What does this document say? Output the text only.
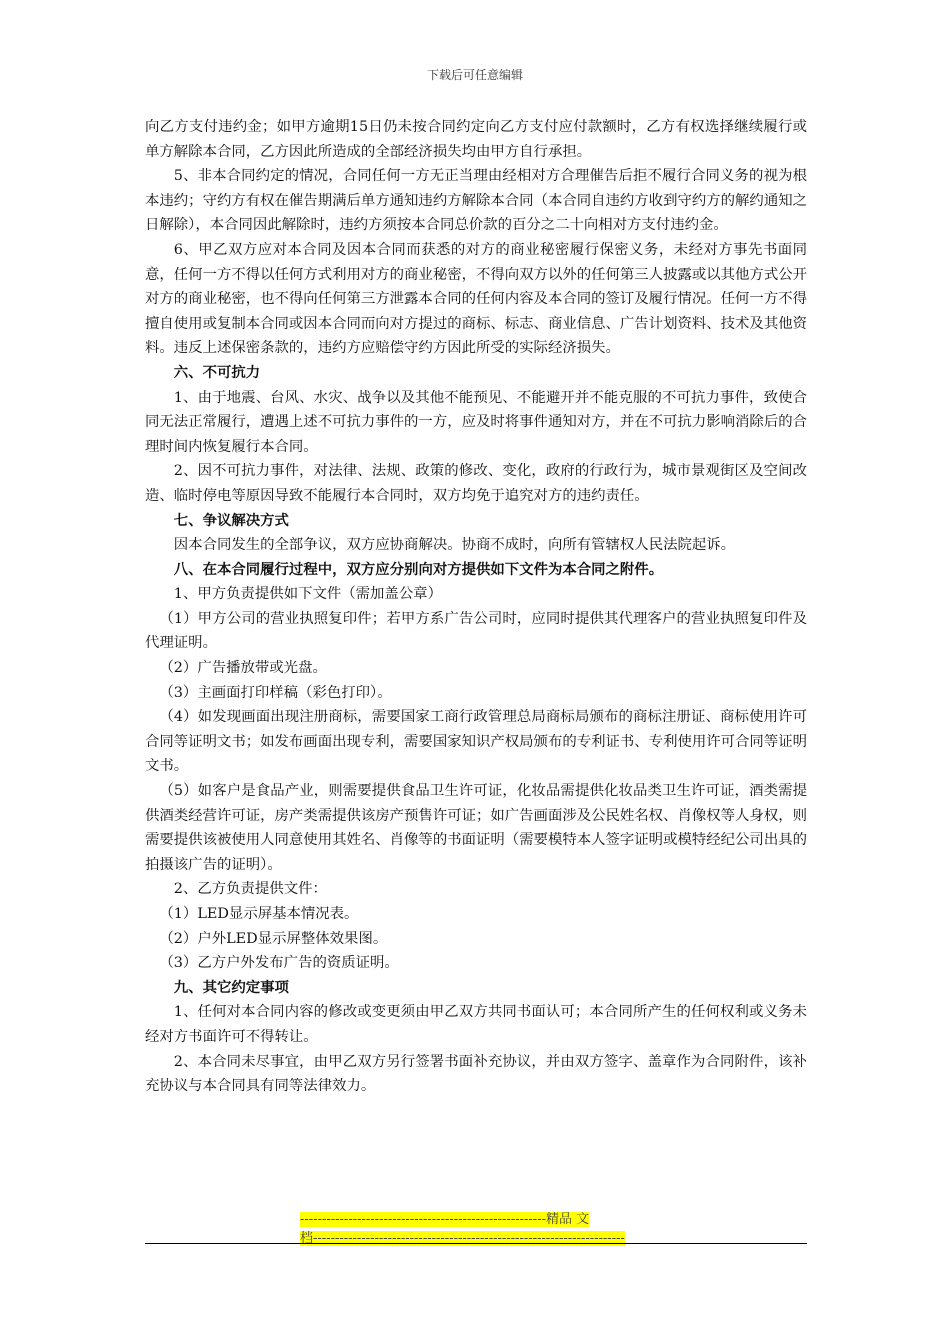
下载后可任意编辑

向乙方支付违约金；如甲方逾期15日仍未按合同约定向乙方支付应付款额时，乙方有权选择继续履行或单方解除本合同，乙方因此所造成的全部经济损失均由甲方自行承担。

5、非本合同约定的情况，合同任何一方无正当理由经相对方合理催告后拒不履行合同义务的视为根本违约；守约方有权在催告期满后单方通知违约方解除本合同（本合同自违约方收到守约方的解约通知之日解除），本合同因此解除时，违约方须按本合同总价款的百分之二十向相对方支付违约金。

6、甲乙双方应对本合同及因本合同而获悉的对方的商业秘密履行保密义务，未经对方事先书面同意，任何一方不得以任何方式利用对方的商业秘密，不得向双方以外的任何第三人披露或以其他方式公开对方的商业秘密，也不得向任何第三方泄露本合同的任何内容及本合同的签订及履行情况。任何一方不得擅自使用或复制本合同或因本合同而向对方提过的商标、标志、商业信息、广告计划资料、技术及其他资料。违反上述保密条款的，违约方应赔偿守约方因此所受的实际经济损失。

六、不可抗力

1、由于地震、台风、水灾、战争以及其他不能预见、不能避开并不能克服的不可抗力事件，致使合同无法正常履行，遭遇上述不可抗力事件的一方，应及时将事件通知对方，并在不可抗力影响消除后的合理时间内恢复履行本合同。

2、因不可抗力事件，对法律、法规、政策的修改、变化，政府的行政行为，城市景观街区及空间改造、临时停电等原因导致不能履行本合同时，双方均免于追究对方的违约责任。

七、争议解决方式

因本合同发生的全部争议，双方应协商解决。协商不成时，向所有管辖权人民法院起诉。

八、在本合同履行过程中，双方应分别向对方提供如下文件为本合同之附件。

1、甲方负责提供如下文件（需加盖公章）

（1）甲方公司的营业执照复印件；若甲方系广告公司时，应同时提供其代理客户的营业执照复印件及代理证明。

（2）广告播放带或光盘。

（3）主画面打印样稿（彩色打印）。

（4）如发现画面出现注册商标，需要国家工商行政管理总局商标局颁布的商标注册证、商标使用许可合同等证明文书；如发布画面出现专利，需要国家知识产权局颁布的专利证书、专利使用许可合同等证明文书。

（5）如客户是食品产业，则需要提供食品卫生许可证，化妆品需提供化妆品类卫生许可证，酒类需提供酒类经营许可证，房产类需提供该房产预售许可证；如广告画面涉及公民姓名权、肖像权等人身权，则需要提供该被使用人同意使用其姓名、肖像等的书面证明（需要模特本人签字证明或模特经纪公司出具的拍摄该广告的证明）。

2、乙方负责提供文件：

（1）LED显示屏基本情况表。

（2）户外LED显示屏整体效果图。

（3）乙方户外发布广告的资质证明。

九、其它约定事项

1、任何对本合同内容的修改或变更须由甲乙双方共同书面认可；本合同所产生的任何权利或义务未经对方书面许可不得转让。

2、本合同未尽事宜，由甲乙双方另行签署书面补充协议，并由双方签字、盖章作为合同附件，该补充协议与本合同具有同等法律效力。

--------------------------------------------------------精品 文
档-----------------------------------------------------------------------
